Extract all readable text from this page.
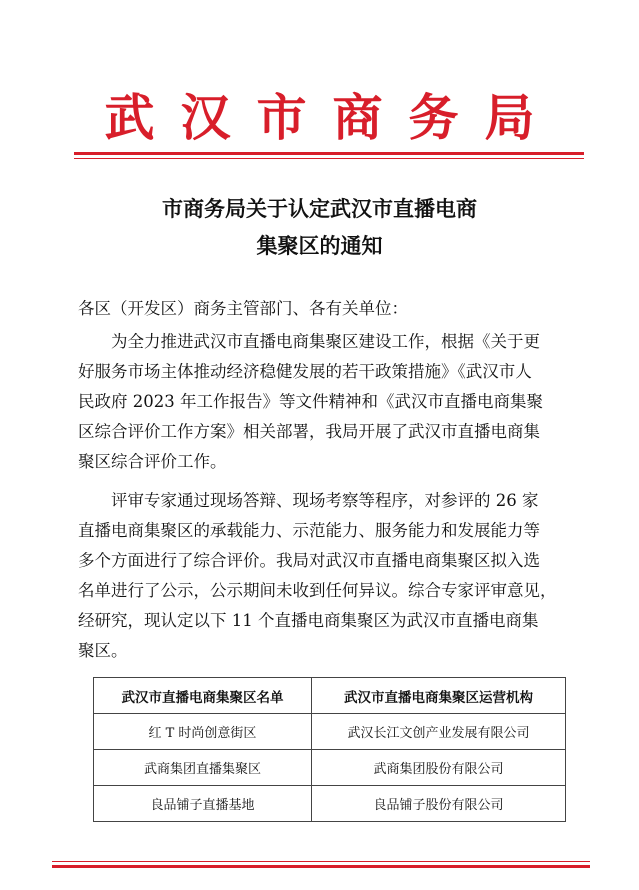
武汉市商务局
市商务局关于认定武汉市直播电商
集聚区的通知
各区（开发区）商务主管部门、各有关单位：
为全力推进武汉市直播电商集聚区建设工作，根据《关于更
好服务市场主体推动经济稳健发展的若干政策措施》《武汉市人
民政府 2023 年工作报告》等文件精神和《武汉市直播电商集聚
区综合评价工作方案》相关部署，我局开展了武汉市直播电商集
聚区综合评价工作。
评审专家通过现场答辩、现场考察等程序，对参评的 26 家
直播电商集聚区的承载能力、示范能力、服务能力和发展能力等
多个方面进行了综合评价。我局对武汉市直播电商集聚区拟入选
名单进行了公示，公示期间未收到任何异议。综合专家评审意见，
经研究，现认定以下 11 个直播电商集聚区为武汉市直播电商集
聚区。
武汉市直播电商集聚区名单	武汉市直播电商集聚区运营机构
红 T 时尚创意街区	武汉长江文创产业发展有限公司
武商集团直播集聚区	武商集团股份有限公司
良品铺子直播基地	良品铺子股份有限公司
